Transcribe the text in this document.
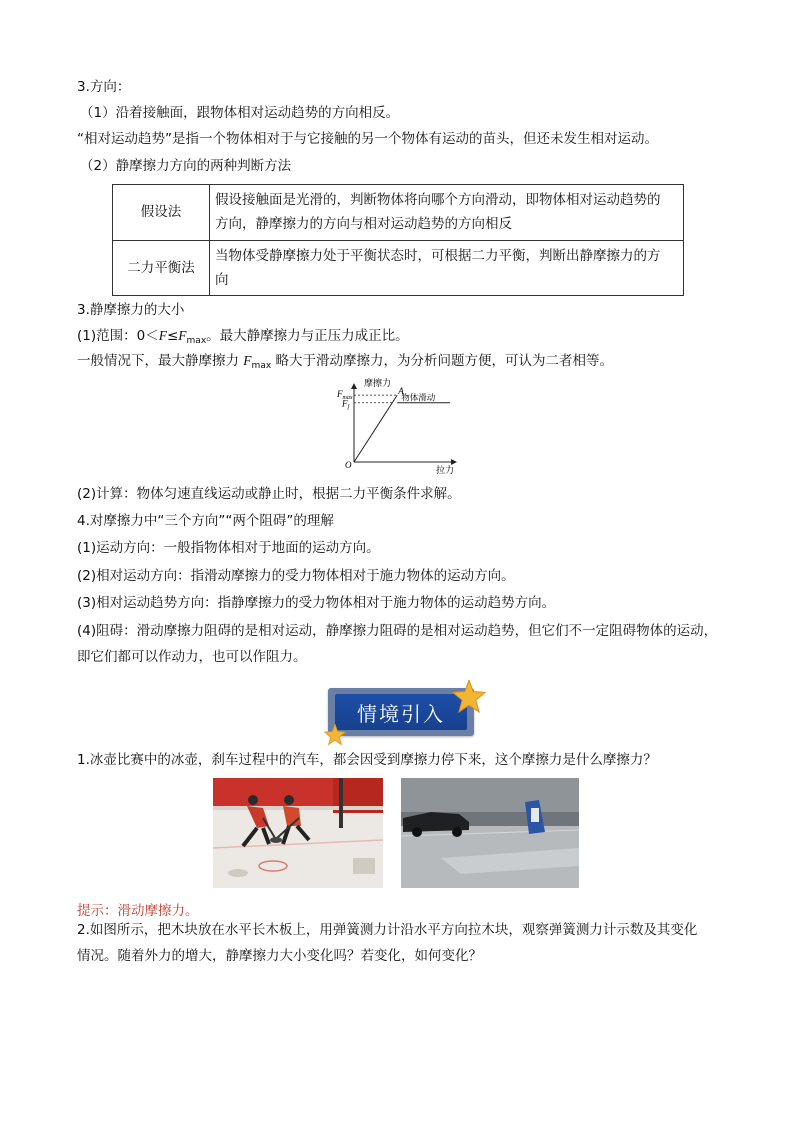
3.方向：
（1）沿着接触面，跟物体相对运动趋势的方向相反。
“相对运动趋势”是指一个物体相对于与它接触的另一个物体有运动的苗头，但还未发生相对运动。
（2）静摩擦力方向的两种判断方法
假设法	假设接触面是光滑的，判断物体将向哪个方向滑动，即物体相对运动趋势的
方向，静摩擦力的方向与相对运动趋势的方向相反

二力平衡法	当物体受静摩擦力处于平衡状态时，可根据二力平衡，判断出静摩擦力的方
向
3.静摩擦力的大小
(1)范围：$0<F\le F_{max}$。最大静摩擦力与正压力成正比。
一般情况下，最大静摩擦力 $F_{max}$ 略大于滑动摩擦力，为分析问题方便，可认为二者相等。
摩擦力
拉力
O
A
物体滑动
$F_{max}$
$F_f$
(2)计算：物体匀速直线运动或静止时，根据二力平衡条件求解。
4.对摩擦力中“三个方向”“两个阻碍”的理解
(1)运动方向：一般指物体相对于地面的运动方向。
(2)相对运动方向：指滑动摩擦力的受力物体相对于施力物体的运动方向。
(3)相对运动趋势方向：指静摩擦力的受力物体相对于施力物体的运动趋势方向。
(4)阻碍：滑动摩擦力阻碍的是相对运动，静摩擦力阻碍的是相对运动趋势，但它们不一定阻碍物体的运动，
即它们都可以作动力，也可以作阻力。
情境引入
1.冰壶比赛中的冰壶，刹车过程中的汽车，都会因受到摩擦力停下来，这个摩擦力是什么摩擦力？
提示：滑动摩擦力。
2.如图所示，把木块放在水平长木板上，用弹簧测力计沿水平方向拉木块，观察弹簧测力计示数及其变化
情况。随着外力的增大，静摩擦力大小变化吗？若变化，如何变化？
